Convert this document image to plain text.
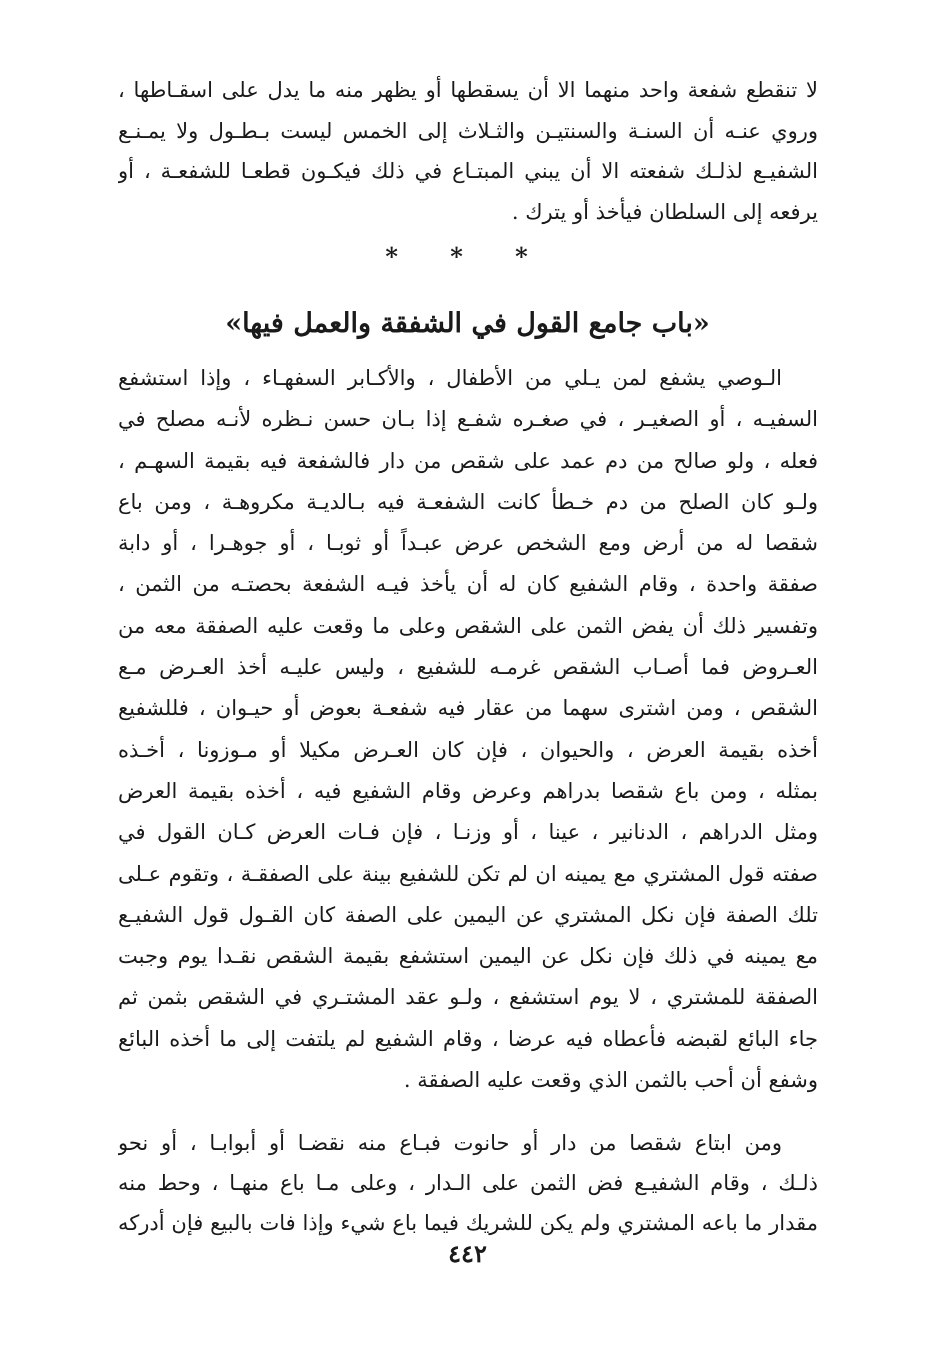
لا تنقطع شفعة واحد منهما الا أن يسقطها أو يظهر منه ما يدل على اسقـاطها ،
وروي عنـه أن السنـة والسنتيـن والثـلاث إلى الخمس ليست بـطـول ولا يمـنـع
الشفيـع لذلـك شفعته الا أن يبني المبتـاع في ذلك فيكـون قطعـا للشفعـة ، أو
يرفعه إلى السلطان فيأخذ أو يترك .
* * *
«باب جامع القول في الشفقة والعمل فيها»
الـوصي يشفع لمن يـلي من الأطفال ، والأكـابر السفهـاء ، وإذا استشفع
السفيـه ، أو الصغيـر ، في صغـره شفـع إذا بـان حسن نـظره لأنـه مصلح في
فعله ، ولو صالح من دم عمد على شقص من دار فالشفعة فيه بقيمة السهـم ،
ولـو كان الصلح من دم خـطأ كانت الشفعـة فيه بـالديـة مكروهـة ، ومن باع
شقصا له من أرض ومع الشخص عرض عبـداً أو ثوبـا ، أو جوهـرا ، أو دابة
صفقة واحدة ، وقام الشفيع كان له أن يأخذ فيـه الشفعة بحصتـه من الثمن ،
وتفسير ذلك أن يفض الثمن على الشقص وعلى ما وقعت عليه الصفقة معه من
العـروض فما أصـاب الشقص غرمـه للشفيع ، وليس عليـه أخذ العـرض مـع
الشقص ، ومن اشترى سهما من عقار فيه شفعـة بعوض أو حيـوان ، فللشفيع
أخذه بقيمة العرض ، والحيوان ، فإن كان العـرض مكيلا أو مـوزونا ، أخـذه
بمثله ، ومن باع شقصا بدراهم وعرض وقام الشفيع فيه ، أخذه بقيمة العرض
ومثل الدراهم ، الدنانير ، عينا ، أو وزنـا ، فإن فـات العرض كـان القول في
صفته قول المشتري مع يمينه ان لم تكن للشفيع بينة على الصفقـة ، وتقوم عـلى
تلك الصفة فإن نكل المشتري عن اليمين على الصفة كان القـول قول الشفيـع
مع يمينه في ذلك فإن نكل عن اليمين استشفع بقيمة الشقص نقـدا يوم وجبت
الصفقة للمشتري ، لا يوم استشفع ، ولـو عقد المشتـري في الشقص بثمن ثم
جاء البائع لقبضه فأعطاه فيه عرضا ، وقام الشفيع لم يلتفت إلى ما أخذه البائع
وشفع أن أحب بالثمن الذي وقعت عليه الصفقة .
ومن ابتاع شقصا من دار أو حانوت فبـاع منه نقضـا أو أبوابـا ، أو نحو
ذلـك ، وقام الشفيـع فض الثمن على الـدار ، وعلى مـا باع منهـا ، وحط منه
مقدار ما باعه المشتري ولم يكن للشريك فيما باع شيء وإذا فات بالبيع فإن أدركه
٤٤٢
